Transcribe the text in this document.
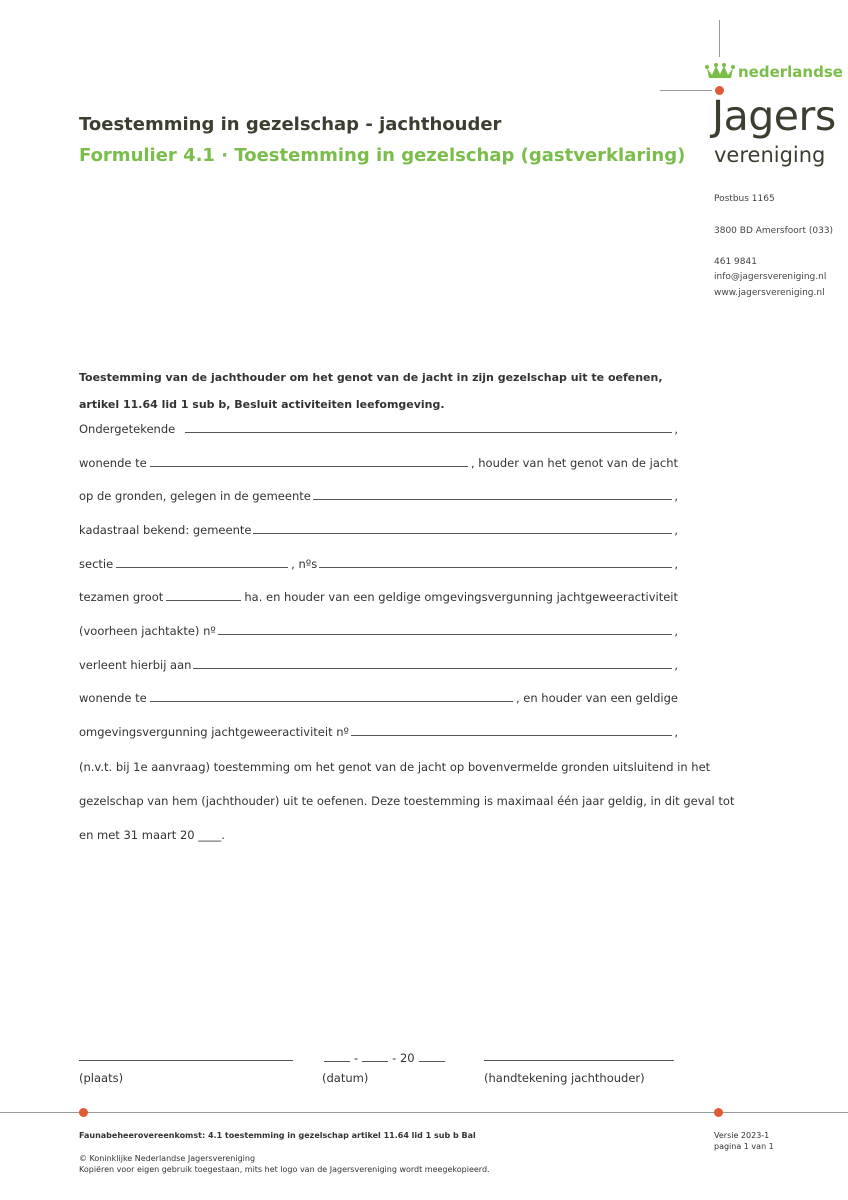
Toestemming in gezelschap - jachthouder
Formulier 4.1 · Toestemming in gezelschap (gastverklaring)
nederlandse
Jagers
vereniging
Postbus 1165
3800 BD Amersfoort (033)
461 9841
info@jagersvereniging.nl
www.jagersvereniging.nl
Toestemming van de jachthouder om het genot van de jacht in zijn gezelschap uit te oefenen, artikel 11.64 lid 1 sub b, Besluit activiteiten leefomgeving.
Ondergetekende	,
wonende te	, houder van het genot van de jacht
op de gronden, gelegen in de gemeente	,
kadastraal bekend: gemeente	,
sectie	, nºs	,
tezamen groot	ha. en houder van een geldige omgevingsvergunning jachtgeweeractiviteit
(voorheen jachtakte) nº	,
verleent hierbij aan	,
wonende te	, en houder van een geldige
omgevingsvergunning jachtgeweeractiviteit nº	,
(n.v.t. bij 1e aanvraag) toestemming om het genot van de jacht op bovenvermelde gronden uitsluitend in het
gezelschap van hem (jachthouder) uit te oefenen. Deze toestemming is maximaal één jaar geldig, in dit geval tot
en met 31 maart 20 ____.
-	- 20
(plaats)	(datum)	(handtekening jachthouder)
Faunabeheerovereenkomst: 4.1 toestemming in gezelschap artikel 11.64 lid 1 sub b Bal
© Koninklijke Nederlandse Jagersvereniging
Kopiëren voor eigen gebruik toegestaan, mits het logo van de Jagersvereniging wordt meegekopieerd.
Versie 2023-1
pagina 1 van 1
